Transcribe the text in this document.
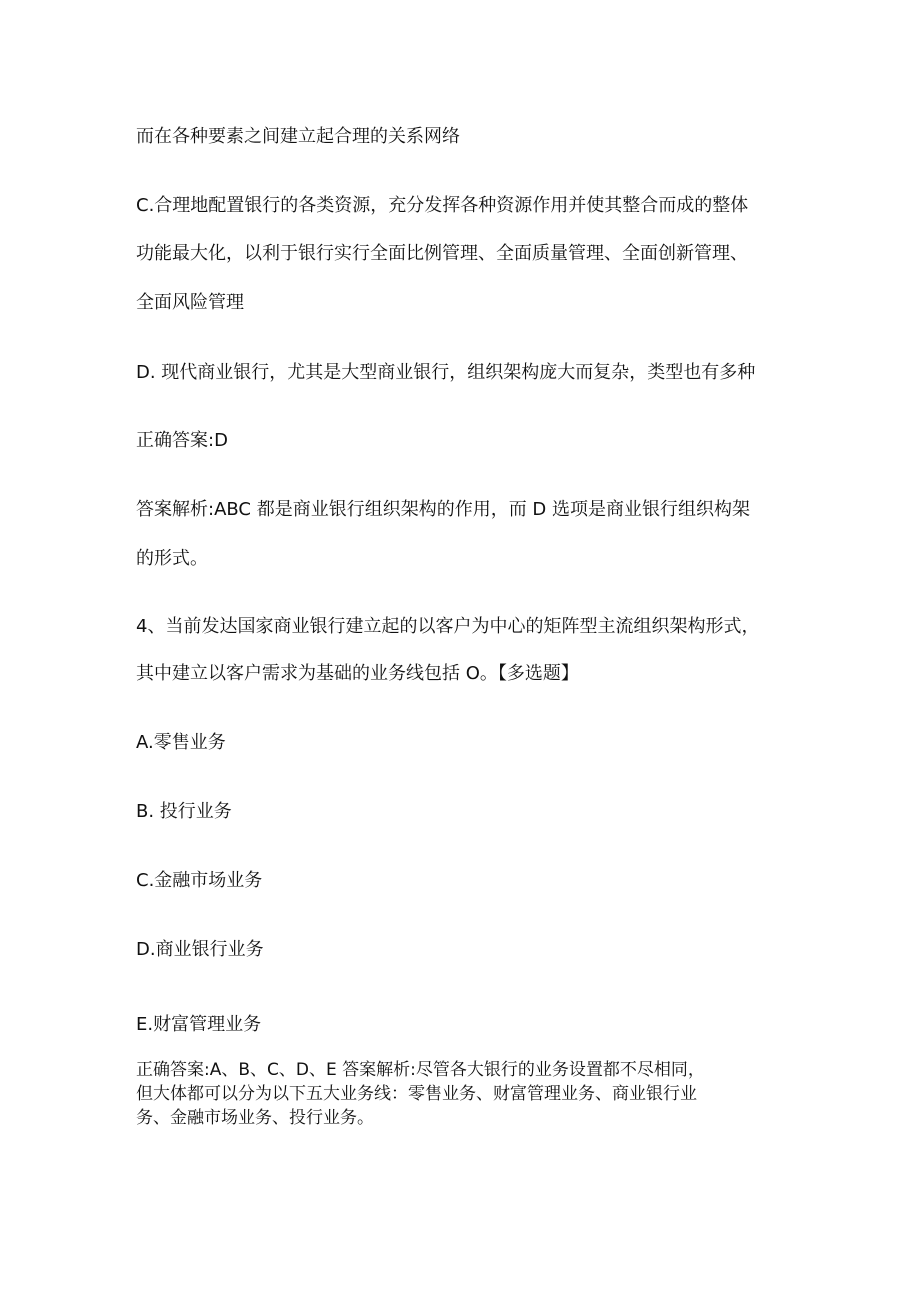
而在各种要素之间建立起合理的关系网络

C.合理地配置银行的各类资源，充分发挥各种资源作用并使其整合而成的整体

功能最大化，以利于银行实行全面比例管理、全面质量管理、全面创新管理、

全面风险管理

D. 现代商业银行，尤其是大型商业银行，组织架构庞大而复杂，类型也有多种

正确答案:D

答案解析:ABC 都是商业银行组织架构的作用，而 D 选项是商业银行组织构架

的形式。

4、当前发达国家商业银行建立起的以客户为中心的矩阵型主流组织架构形式，

其中建立以客户需求为基础的业务线包括 O。【多选题】

A.零售业务

B. 投行业务

C.金融市场业务

D.商业银行业务

E.财富管理业务

正确答案:A、B、C、D、E 答案解析:尽管各大银行的业务设置都不尽相同，

但大体都可以分为以下五大业务线：零售业务、财富管理业务、商业银行业

务、金融市场业务、投行业务。
